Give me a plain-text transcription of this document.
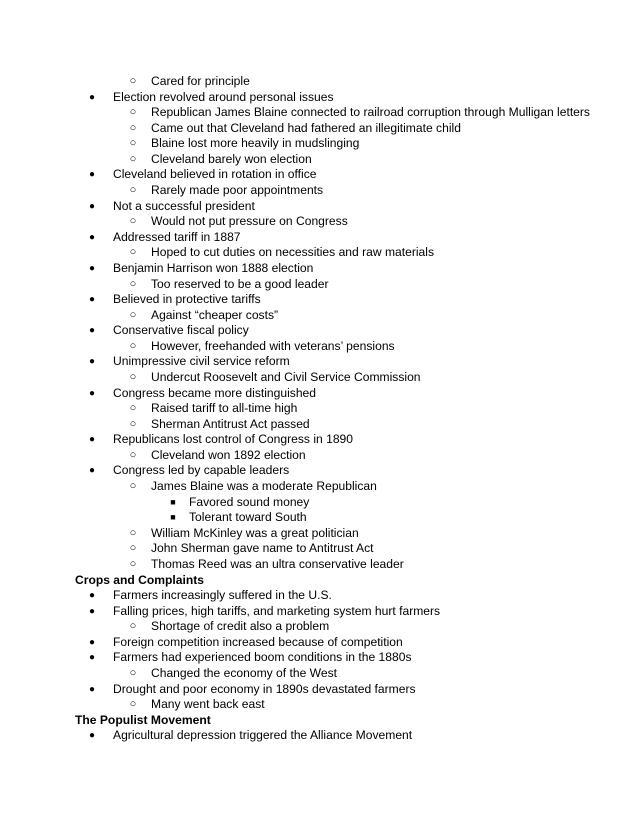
○	Cared for principle
●	Election revolved around personal issues
○	Republican James Blaine connected to railroad corruption through Mulligan letters
○	Came out that Cleveland had fathered an illegitimate child
○	Blaine lost more heavily in mudslinging
○	Cleveland barely won election
●	Cleveland believed in rotation in office
○	Rarely made poor appointments
●	Not a successful president
○	Would not put pressure on Congress
●	Addressed tariff in 1887
○	Hoped to cut duties on necessities and raw materials
●	Benjamin Harrison won 1888 election
○	Too reserved to be a good leader
●	Believed in protective tariffs
○	Against “cheaper costs”
●	Conservative fiscal policy
○	However, freehanded with veterans’ pensions
●	Unimpressive civil service reform
○	Undercut Roosevelt and Civil Service Commission
●	Congress became more distinguished
○	Raised tariff to all-time high
○	Sherman Antitrust Act passed
●	Republicans lost control of Congress in 1890
○	Cleveland won 1892 election
●	Congress led by capable leaders
○	James Blaine was a moderate Republican
■	Favored sound money
■	Tolerant toward South
○	William McKinley was a great politician
○	John Sherman gave name to Antitrust Act
○	Thomas Reed was an ultra conservative leader
Crops and Complaints
●	Farmers increasingly suffered in the U.S.
●	Falling prices, high tariffs, and marketing system hurt farmers
○	Shortage of credit also a problem
●	Foreign competition increased because of competition
●	Farmers had experienced boom conditions in the 1880s
○	Changed the economy of the West
●	Drought and poor economy in 1890s devastated farmers
○	Many went back east
The Populist Movement
●	Agricultural depression triggered the Alliance Movement
